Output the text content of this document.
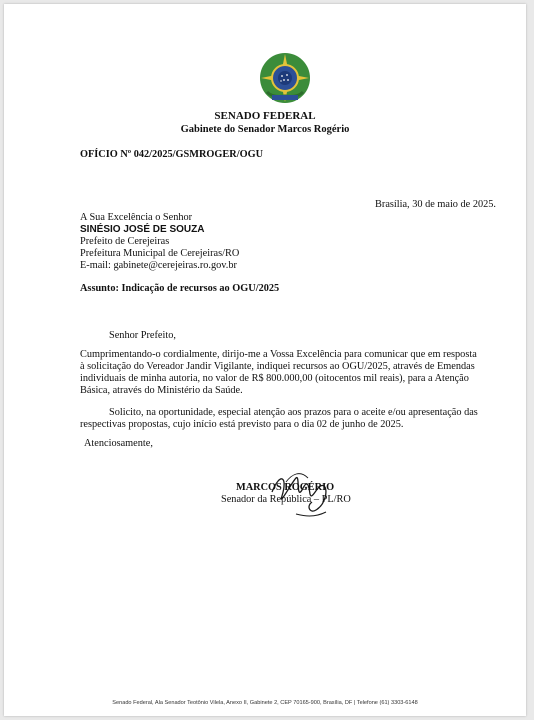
SENADO FEDERAL
Gabinete do Senador Marcos Rogério
OFÍCIO Nº 042/2025/GSMROGER/OGU
Brasília, 30 de maio de 2025.
A Sua Excelência o Senhor
SINÉSIO JOSÉ DE SOUZA
Prefeito de Cerejeiras
Prefeitura Municipal de Cerejeiras/RO
E-mail: gabinete@cerejeiras.ro.gov.br
Assunto: Indicação de recursos ao OGU/2025
Senhor Prefeito,
Cumprimentando-o cordialmente, dirijo-me a Vossa Excelência para comunicar que em resposta
à solicitação do Vereador Jandir Vigilante, indiquei recursos ao OGU/2025, através de Emendas
individuais de minha autoria, no valor de R$ 800.000,00 (oitocentos mil reais), para a Atenção
Básica, através do Ministério da Saúde.
Solicito, na oportunidade, especial atenção aos prazos para o aceite e/ou apresentação das
respectivas propostas, cujo início está previsto para o dia 02 de junho de 2025.
Atenciosamente,
MARCOS ROGÉRIO
Senador da República – PL/RO
Senado Federal, Ala Senador Teotônio Vilela, Anexo II, Gabinete 2, CEP 70165-900, Brasília, DF | Telefone (61) 3303-6148
